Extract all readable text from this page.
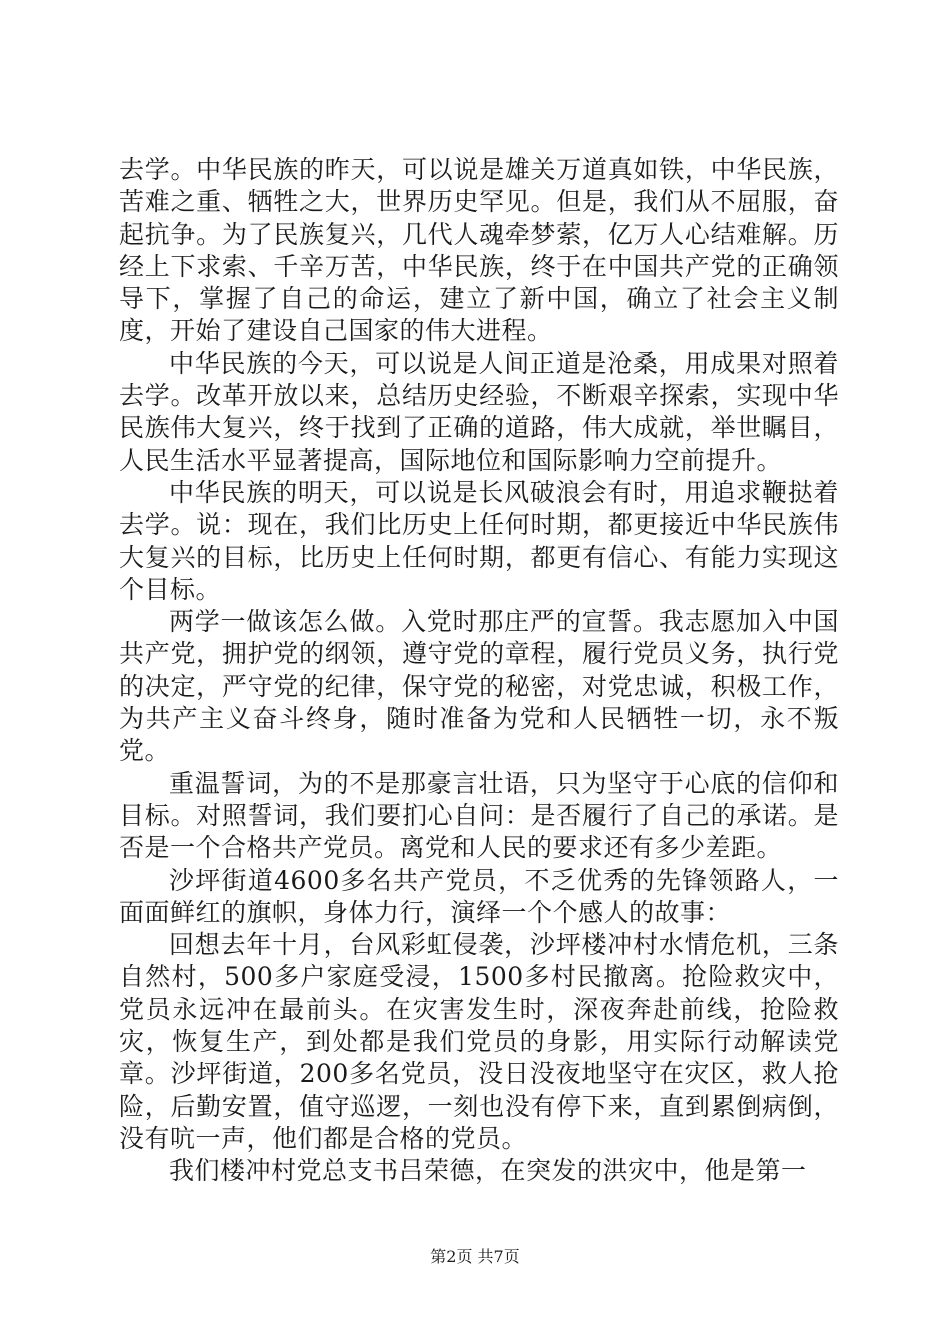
去学。中华民族的昨天，可以说是雄关万道真如铁，中华民族，苦难之重、牺牲之大，世界历史罕见。但是，我们从不屈服，奋起抗争。为了民族复兴，几代人魂牵梦萦，亿万人心结难解。历经上下求索、千辛万苦，中华民族，终于在中国共产党的正确领导下，掌握了自己的命运，建立了新中国，确立了社会主义制度，开始了建设自己国家的伟大进程。

中华民族的今天，可以说是人间正道是沧桑，用成果对照着去学。改革开放以来，总结历史经验，不断艰辛探索，实现中华民族伟大复兴，终于找到了正确的道路，伟大成就，举世瞩目，人民生活水平显著提高，国际地位和国际影响力空前提升。

中华民族的明天，可以说是长风破浪会有时，用追求鞭挞着去学。说：现在，我们比历史上任何时期，都更接近中华民族伟大复兴的目标，比历史上任何时期，都更有信心、有能力实现这个目标。

两学一做该怎么做。入党时那庄严的宣誓。我志愿加入中国共产党，拥护党的纲领，遵守党的章程，履行党员义务，执行党的决定，严守党的纪律，保守党的秘密，对党忠诚，积极工作，为共产主义奋斗终身，随时准备为党和人民牺牲一切，永不叛党。

重温誓词，为的不是那豪言壮语，只为坚守于心底的信仰和目标。对照誓词，我们要扪心自问：是否履行了自己的承诺。是否是一个合格共产党员。离党和人民的要求还有多少差距。

沙坪街道4600多名共产党员，不乏优秀的先锋领路人，一面面鲜红的旗帜，身体力行，演绎一个个感人的故事：

回想去年十月，台风彩虹侵袭，沙坪楼冲村水情危机，三条自然村，500多户家庭受浸，1500多村民撤离。抢险救灾中，党员永远冲在最前头。在灾害发生时，深夜奔赴前线，抢险救灾，恢复生产，到处都是我们党员的身影，用实际行动解读党章。沙坪街道，200多名党员，没日没夜地坚守在灾区，救人抢险，后勤安置，值守巡逻，一刻也没有停下来，直到累倒病倒，没有吭一声，他们都是合格的党员。

我们楼冲村党总支书吕荣德，在突发的洪灾中，他是第一

第2页 共7页
